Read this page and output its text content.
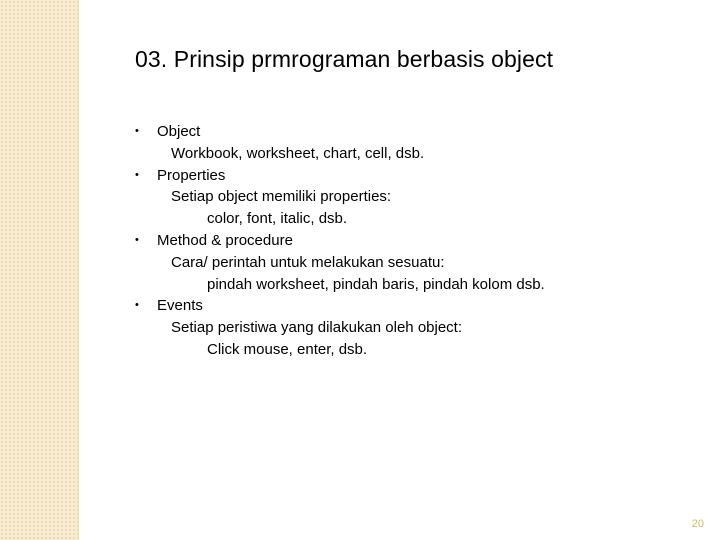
03. Prinsip prmrograman berbasis object
• Object
Workbook, worksheet, chart, cell, dsb.
• Properties
Setiap object memiliki properties:
color, font, italic, dsb.
• Method & procedure
Cara/ perintah untuk melakukan sesuatu:
pindah worksheet, pindah baris, pindah kolom dsb.
• Events
Setiap peristiwa yang dilakukan oleh object:
Click mouse, enter, dsb.
20
